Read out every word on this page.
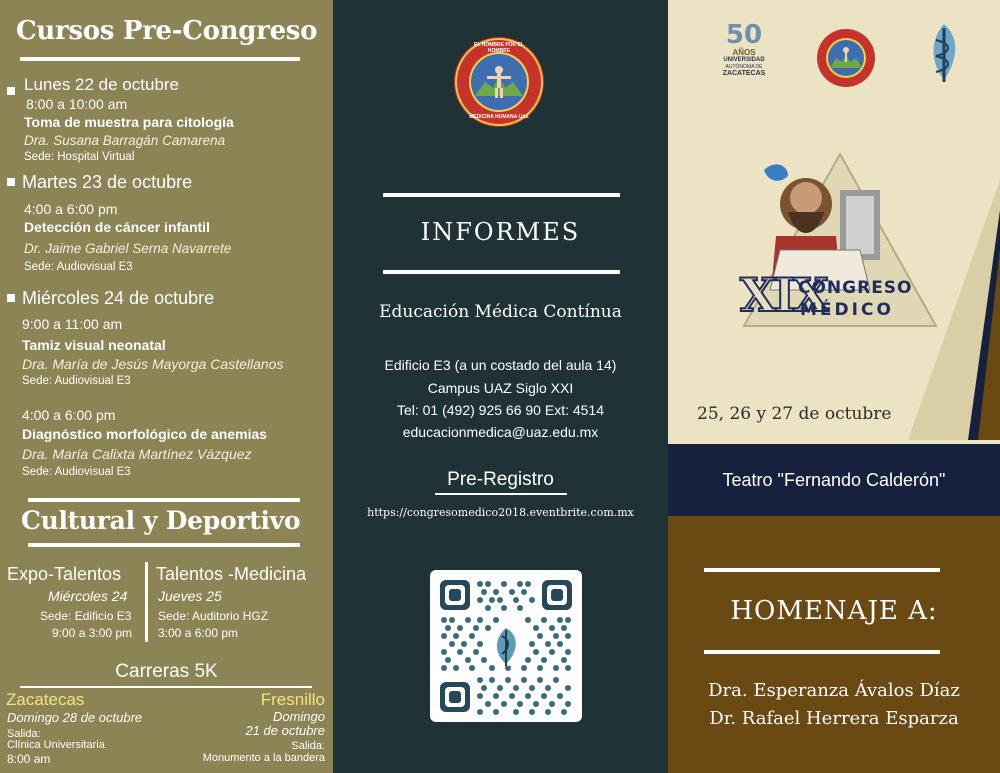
Cursos Pre-Congreso
Lunes 22 de octubre
8:00 a 10:00 am
Toma de muestra para citología
Dra. Susana Barragán Camarena
Sede: Hospital Virtual
Martes 23 de octubre
4:00 a 6:00 pm
Detección de cáncer infantil
Dr. Jaime Gabriel Serna Navarrete
Sede: Audiovisual E3
Miércoles 24 de octubre
9:00 a 11:00 am
Tamiz visual neonatal
Dra. María de Jesús Mayorga Castellanos
Sede: Audiovisual E3
4:00 a 6:00 pm
Diagnóstico morfológico de anemias
Dra. María Calixta Martínez Vázquez
Sede: Audiovisual E3
Cultural y Deportivo
Expo-Talentos
Miércoles 24
Sede: Edificio E3
9:00 a 3:00 pm
Talentos -Medicina
Jueves 25
Sede: Auditorio HGZ
3:00 a 6:00 pm
Carreras 5K
Zacatecas
Domingo 28 de octubre
Salida:
Clínica Universitaria
8:00 am
Fresnillo
Domingo
21 de octubre
Salida:
Monumento a la bandera
EL HOMBRE POR EL HOMBRE
MEDICINA HUMANA UAZ
INFORMES
Educación Médica Contínua
Edificio E3 (a un costado del aula 14)
Campus UAZ Siglo XXI
Tel: 01 (492) 925 66 90 Ext: 4514
educacionmedica@uaz.edu.mx
Pre-Registro
https://congresomedico2018.eventbrite.com.mx
50
AÑOS
UNIVERSIDAD
AUTÓNOMA DE
ZACATECAS
XIX
CONGRESO
MÉDICO
25, 26 y 27 de octubre
Teatro "Fernando Calderón"
HOMENAJE A:
Dra. Esperanza Ávalos Díaz
Dr. Rafael Herrera Esparza
